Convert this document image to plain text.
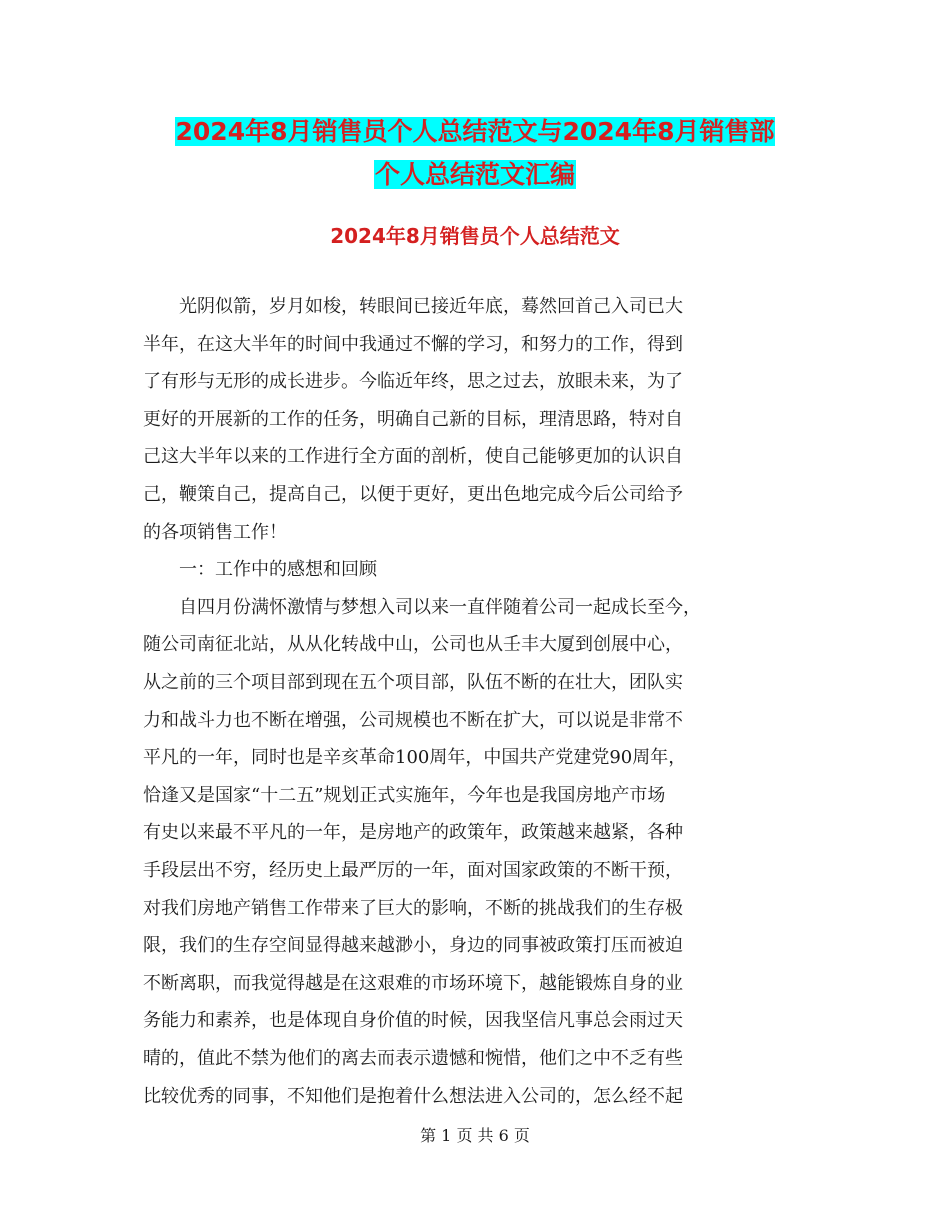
2024年8月销售员个人总结范文与2024年8月销售部
个人总结范文汇编
2024年8月销售员个人总结范文
　　光阴似箭，岁月如梭，转眼间已接近年底，蓦然回首己入司已大
半年，在这大半年的时间中我通过不懈的学习，和努力的工作，得到
了有形与无形的成长进步。今临近年终，思之过去，放眼未来，为了
更好的开展新的工作的任务，明确自己新的目标，理清思路，特对自
己这大半年以来的工作进行全方面的剖析，使自己能够更加的认识自
己，鞭策自己，提高自己，以便于更好，更出色地完成今后公司给予
的各项销售工作！
　　一：工作中的感想和回顾
　　自四月份满怀激情与梦想入司以来一直伴随着公司一起成长至今，
随公司南征北站，从从化转战中山，公司也从壬丰大厦到创展中心，
从之前的三个项目部到现在五个项目部，队伍不断的在壮大，团队实
力和战斗力也不断在增强，公司规模也不断在扩大，可以说是非常不
平凡的一年，同时也是辛亥革命100周年，中国共产党建党90周年，
恰逢又是国家“十二五”规划正式实施年，今年也是我国房地产市场
有史以来最不平凡的一年，是房地产的政策年，政策越来越紧，各种
手段层出不穷，经历史上最严厉的一年，面对国家政策的不断干预，
对我们房地产销售工作带来了巨大的影响，不断的挑战我们的生存极
限，我们的生存空间显得越来越渺小，身边的同事被政策打压而被迫
不断离职，而我觉得越是在这艰难的市场环境下，越能锻炼自身的业
务能力和素养，也是体现自身价值的时候，因我坚信凡事总会雨过天
晴的，值此不禁为他们的离去而表示遗憾和惋惜，他们之中不乏有些
比较优秀的同事，不知他们是抱着什么想法进入公司的，怎么经不起
第 1 页 共 6 页
